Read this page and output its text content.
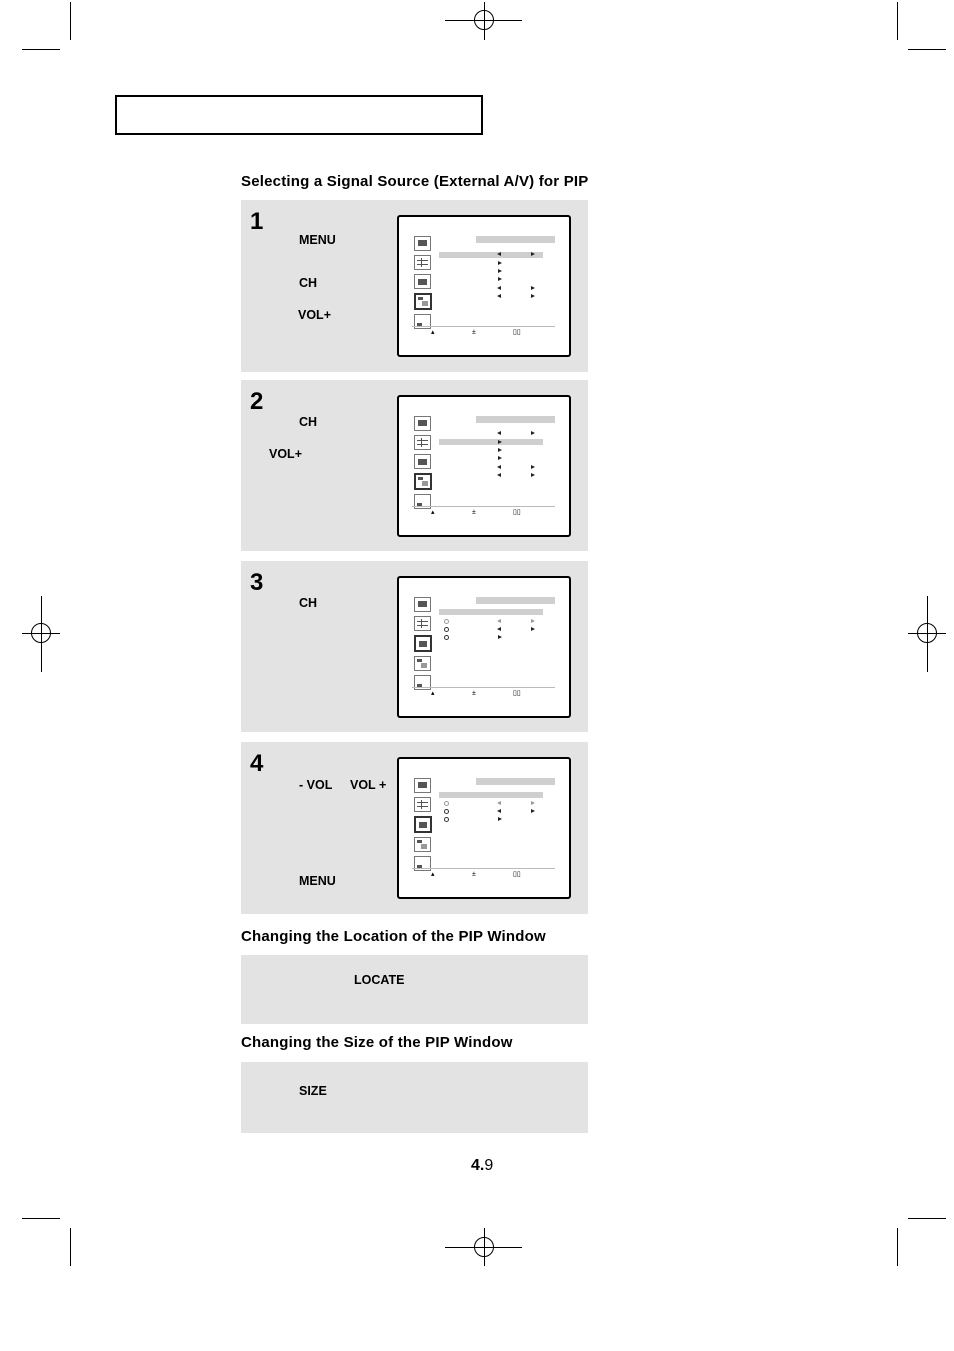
Selecting a Signal Source (External A/V) for PIP
1
MENU
CH
VOL+
▴	±	▯▯
2
CH
VOL+
▴	±	▯▯
3
CH
▴	±	▯▯
4
- VOL VOL +
MENU	▴	±	▯▯
Changing the Location of the PIP Window
LOCATE
Changing the Size of the PIP Window
SIZE
4.9
